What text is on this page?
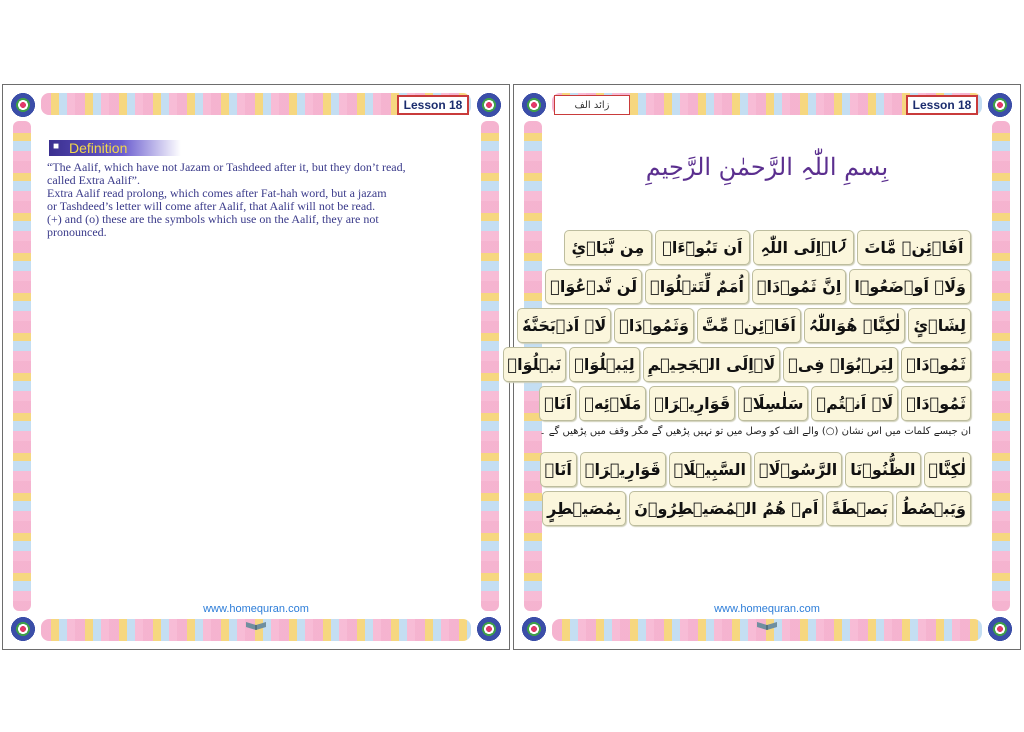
Lesson 18
■ Definition

“The Aalif, which have not Jazam or Tashdeed after it, but they don’t read,

called Extra Aalif”.

Extra Aalif read prolong, which comes after Fat-hah word, but a jazam

or Tashdeed’s letter will come after Aalif, that Aalif will not be read.

(+) and (o) these are the symbols which use on the Aalif, they are not

pronounced.

www.homequran.com
زائد الف	Lesson 18
بِسمِ اللّٰہِ الرَّحمٰنِ الرَّحِیمِ
اَفَاۡئِنۡ مَّاتَ
لَاۡاِلَی اللّٰہِ
اَن تَبُوۡٓءَاۡ
مِن نَّبَاۡئِ
وَلَاۡ اَوۡضَعُوۡا
اِنَّ ثَمُوۡدَاۡ
اُمَمٌ لِّتَتۡلُوَاۡ
لَن نَّدۡعُوَاۡ
لِشَاۡئٍ
لٰکِنَّاۡ هُوَاللّٰہُ
اَفَاۡئِنۡ مِّتَّ
وَثَمُوۡدَاۡ
لَاۡ اَذۡبَحَنَّهٗ
ثَمُوۡدَاۡ
لِیَرۡبُوَاۡ فِیۡ
لَاۡاِلَی الۡجَحِیۡمِ
لِیَبۡلُوَاۡ
نَبۡلُوَاۡ
ثَمُوۡدَاۡ
لَاۡ اَنۡتُمۡ
سَلٰسِلَاۡ
قَوَارِیۡرَاۡ
مَلَاۡئِهٖ
اَنَاۡ
ان جیسے کلمات میں اس نشان (○) والے الف کو وصل میں تو نہیں پڑھیں گے مگر وقف میں پڑھیں گے ۔
لٰكِنَّاۡ
الظُّنُوۡنَا
الرَّسُوۡلَاۡ
السَّبِیۡلَاۡ
قَوَارِیۡرَاۡ
اَنَاۡ
وَیَبۡصُطُ
بَصۡطَةً
اَمۡ هُمُ الۡمُصَیۡطِرُوۡنَ
بِمُصَیۡطِرٍ
www.homequran.com
